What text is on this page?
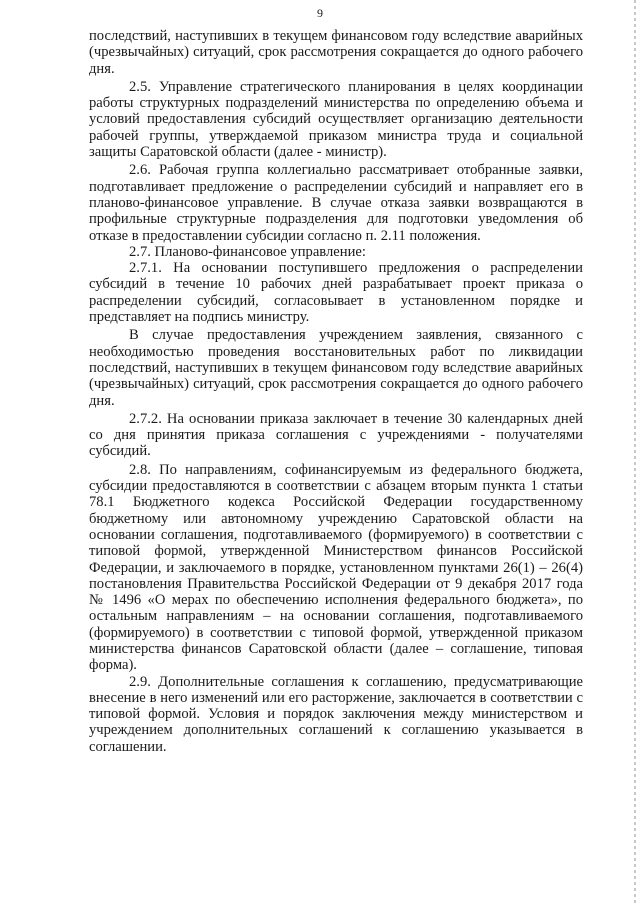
9

последствий, наступивших в текущем финансовом году вследствие аварийных (чрезвычайных) ситуаций, срок рассмотрения сокращается до одного рабочего дня.

2.5. Управление стратегического планирования в целях координации работы структурных подразделений министерства по определению объема и условий предоставления субсидий осуществляет организацию деятельности рабочей группы, утверждаемой приказом министра труда и социальной защиты Саратовской области (далее - министр).

2.6. Рабочая группа коллегиально рассматривает отобранные заявки, подготавливает предложение о распределении субсидий и направляет его в планово-финансовое управление. В случае отказа заявки возвращаются в профильные структурные подразделения для подготовки уведомления об отказе в предоставлении субсидии согласно п. 2.11 положения.

2.7. Планово-финансовое управление:

2.7.1. На основании поступившего предложения о распределении субсидий в течение 10 рабочих дней разрабатывает проект приказа о распределении субсидий, согласовывает в установленном порядке и представляет на подпись министру.

В случае предоставления учреждением заявления, связанного с необходимостью проведения восстановительных работ по ликвидации последствий, наступивших в текущем финансовом году вследствие аварийных (чрезвычайных) ситуаций, срок рассмотрения сокращается до одного рабочего дня.

2.7.2. На основании приказа заключает в течение 30 календарных дней со дня принятия приказа соглашения с учреждениями - получателями субсидий.

2.8. По направлениям, софинансируемым из федерального бюджета, субсидии предоставляются в соответствии с абзацем вторым пункта 1 статьи 78.1 Бюджетного кодекса Российской Федерации государственному бюджетному или автономному учреждению Саратовской области на основании соглашения, подготавливаемого (формируемого) в соответствии с типовой формой, утвержденной Министерством финансов Российской Федерации, и заключаемого в порядке, установленном пунктами 26(1) – 26(4) постановления Правительства Российской Федерации от 9 декабря 2017 года № 1496 «О мерах по обеспечению исполнения федерального бюджета», по остальным направлениям – на основании соглашения, подготавливаемого (формируемого) в соответствии с типовой формой, утвержденной приказом министерства финансов Саратовской области (далее – соглашение, типовая форма).

2.9. Дополнительные соглашения к соглашению, предусматривающие внесение в него изменений или его расторжение, заключается в соответствии с типовой формой. Условия и порядок заключения между министерством и учреждением дополнительных соглашений к соглашению указывается в соглашении.
